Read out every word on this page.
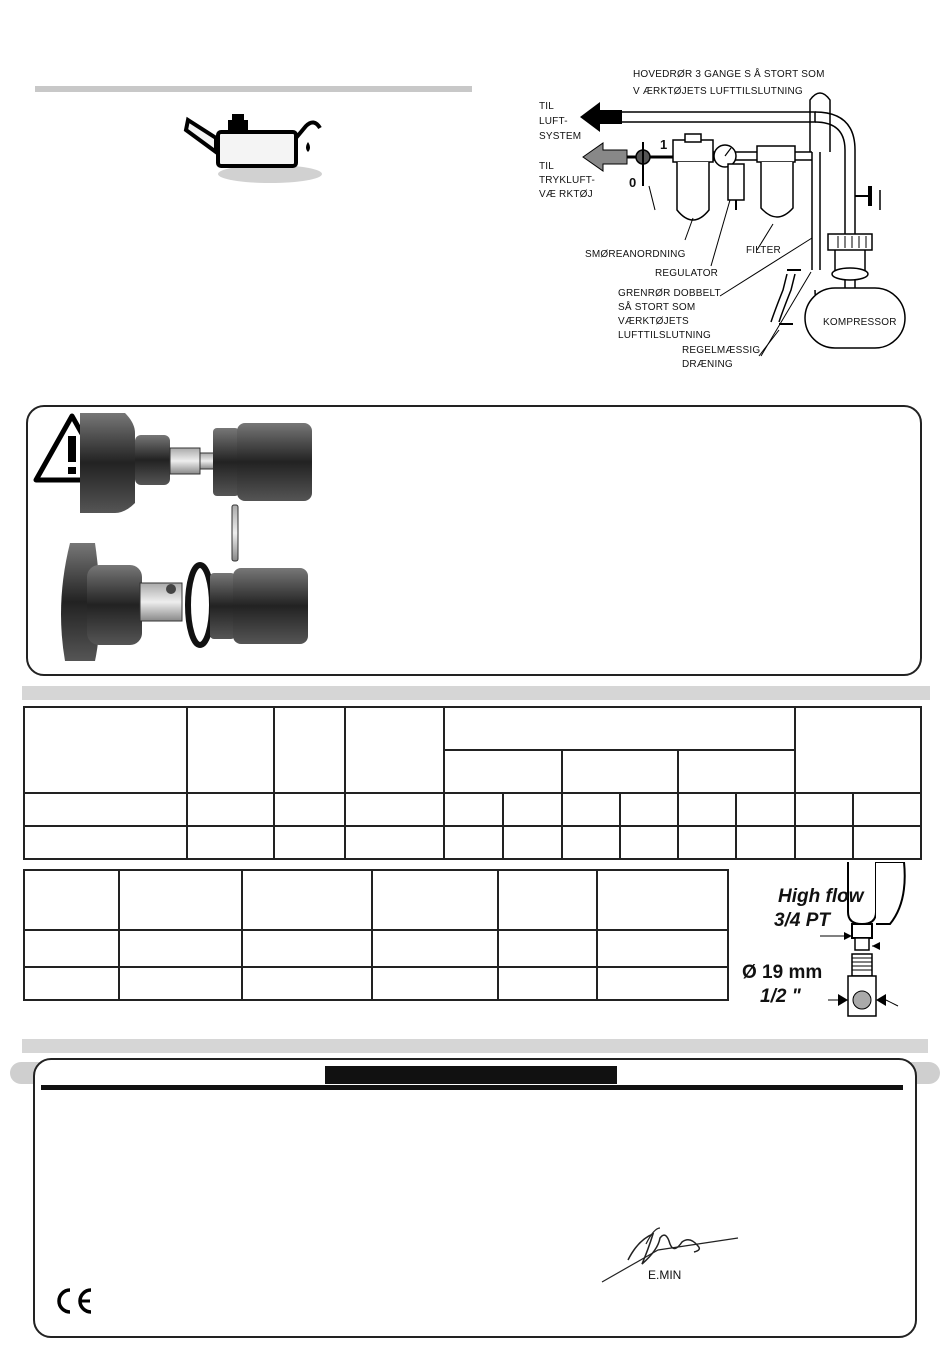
HOVEDRØR 3 GANGE S Å STORT SOM
V ÆRKTØJETS LUFTTILSLUTNING
TIL
LUFT-
SYSTEM
TIL
TRYKLUFT-
VÆ RKTØJ
1
0
SMØREANORDNING
REGULATOR
FILTER
GRENRØR DOBBELT
SÅ STORT SOM
VÆRKTØJETS
LUFTTILSLUTNING
REGELMÆSSIG
DRÆNING
KOMPRESSOR

High flow
3/4 PT
Ø 19 mm
1/2 "
E.MIN
